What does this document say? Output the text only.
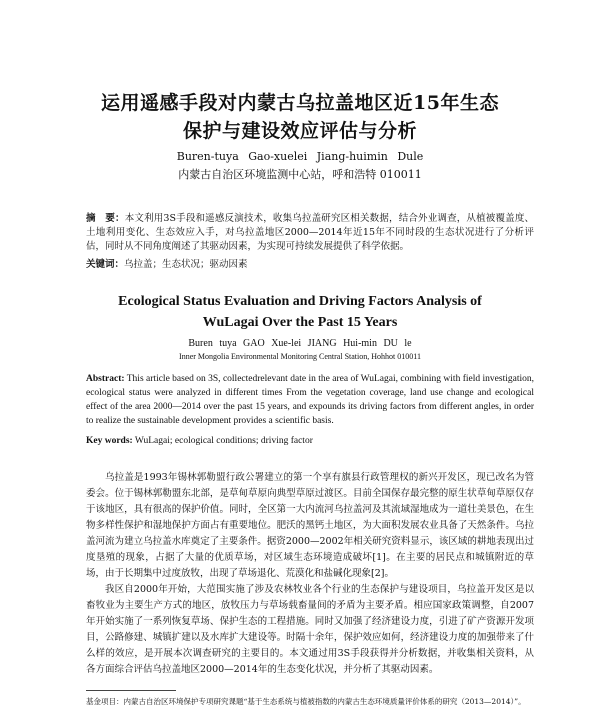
运用遥感手段对内蒙古乌拉盖地区近15年生态
保护与建设效应评估与分析
Buren-tuya Gao-xuelei Jiang-huimin Dule
内蒙古自治区环境监测中心站，呼和浩特 010011
摘　要：本文利用3S手段和遥感反演技术，收集乌拉盖研究区相关数据，结合外业调查，从植被覆盖度、土地利用变化、生态效应入手，对乌拉盖地区2000—2014年近15年不同时段的生态状况进行了分析评估，同时从不同角度阐述了其驱动因素，为实现可持续发展提供了科学依据。
关键词：乌拉盖；生态状况；驱动因素
Ecological Status Evaluation and Driving Factors Analysis of
WuLagai Over the Past 15 Years
Buren tuya GAO Xue-lei JIANG Hui-min DU le
Inner Mongolia Environmental Monitoring Central Station, Hohhot 010011
Abstract: This article based on 3S, collectedrelevant date in the area of WuLagai, combining with field investigation, ecological status were analyzed in different times From the vegetation coverage, land use change and ecological effect of the area 2000—2014 over the past 15 years, and expounds its driving factors from different angles, in order to realize the sustainable development provides a scientific basis.
Key words: WuLagai; ecological conditions; driving factor

乌拉盖是1993年锡林郭勒盟行政公署建立的第一个享有旗县行政管理权的新兴开发区，现已改名为管委会。位于锡林郭勒盟东北部，是草甸草原向典型草原过渡区。目前全国保存最完整的原生状草甸草原仅存于该地区，具有很高的保护价值。同时，全区第一大内流河乌拉盖河及其流域湿地成为一道壮美景色，在生物多样性保护和湿地保护方面占有重要地位。肥沃的黑钙土地区，为大面积发展农业具备了天然条件。乌拉盖河流为建立乌拉盖水库奠定了主要条件。据资2000—2002年相关研究资料显示，该区域的耕地表现出过度垦殖的现象，占据了大量的优质草场，对区域生态环境造成破坏[1]。在主要的居民点和城镇附近的草场，由于长期集中过度放牧，出现了草场退化、荒漠化和盐碱化现象[2]。

我区自2000年开始，大范围实施了涉及农林牧业各个行业的生态保护与建设项目，乌拉盖开发区是以畜牧业为主要生产方式的地区，放牧压力与草场载畜量间的矛盾为主要矛盾。相应国家政策调整，自2007年开始实施了一系列恢复草场、保护生态的工程措施。同时又加强了经济建设力度，引进了矿产资源开发项目，公路修建、城镇扩建以及水库扩大建设等。时隔十余年，保护效应如何，经济建设力度的加强带来了什么样的效应，是开展本次调查研究的主要目的。本文通过用3S手段获得并分析数据，并收集相关资料，从各方面综合评估乌拉盖地区2000—2014年的生态变化状况，并分析了其驱动因素。

基金项目：内蒙古自治区环境保护专项研究课题“基于生态系统与植被指数的内蒙古生态环境质量评价体系的研究（2013—2014）”。
